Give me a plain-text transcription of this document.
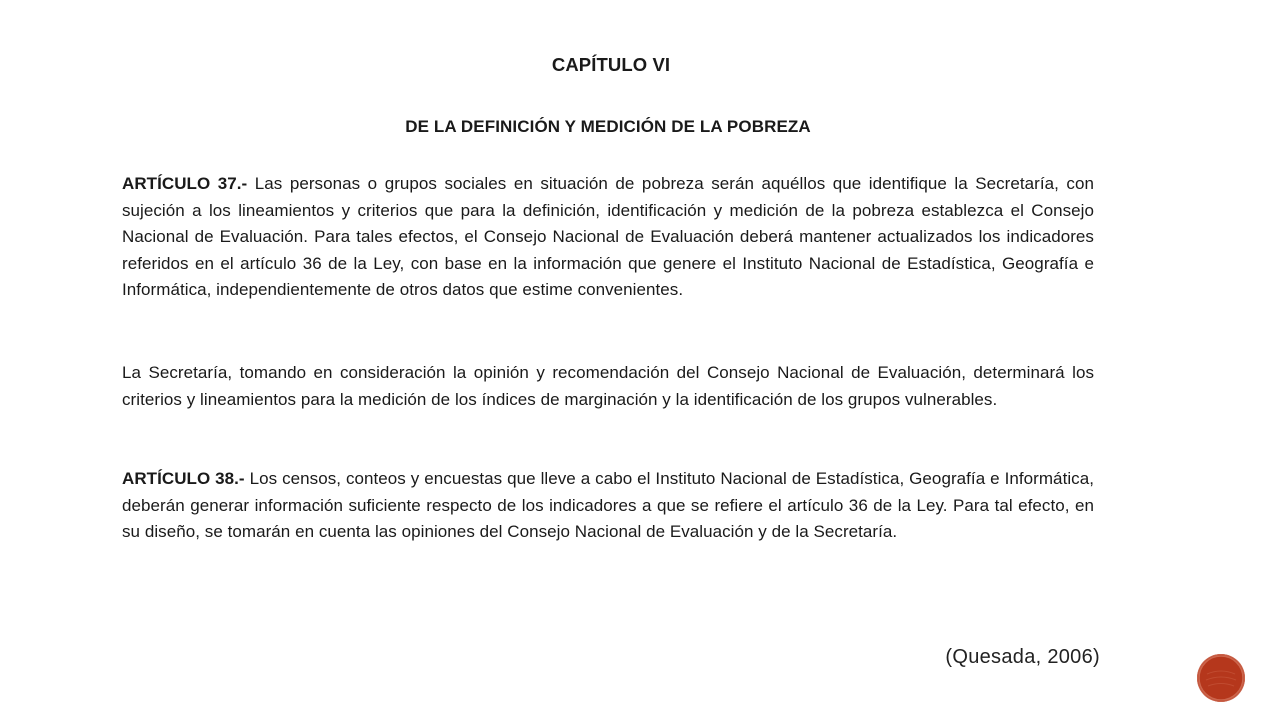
CAPÍTULO VI
DE LA DEFINICIÓN Y MEDICIÓN DE LA POBREZA

ARTÍCULO 37.- Las personas o grupos sociales en situación de pobreza serán aquéllos que identifique la Secretaría, con sujeción a los lineamientos y criterios que para la definición, identificación y medición de la pobreza establezca el Consejo Nacional de Evaluación. Para tales efectos, el Consejo Nacional de Evaluación deberá mantener actualizados los indicadores referidos en el artículo 36 de la Ley, con base en la información que genere el Instituto Nacional de Estadística, Geografía e Informática, independientemente de otros datos que estime convenientes.

La Secretaría, tomando en consideración la opinión y recomendación del Consejo Nacional de Evaluación, determinará los criterios y lineamientos para la medición de los índices de marginación y la identificación de los grupos vulnerables.

ARTÍCULO 38.- Los censos, conteos y encuestas que lleve a cabo el Instituto Nacional de Estadística, Geografía e Informática, deberán generar información suficiente respecto de los indicadores a que se refiere el artículo 36 de la Ley. Para tal efecto, en su diseño, se tomarán en cuenta las opiniones del Consejo Nacional de Evaluación y de la Secretaría.

(Quesada, 2006)
